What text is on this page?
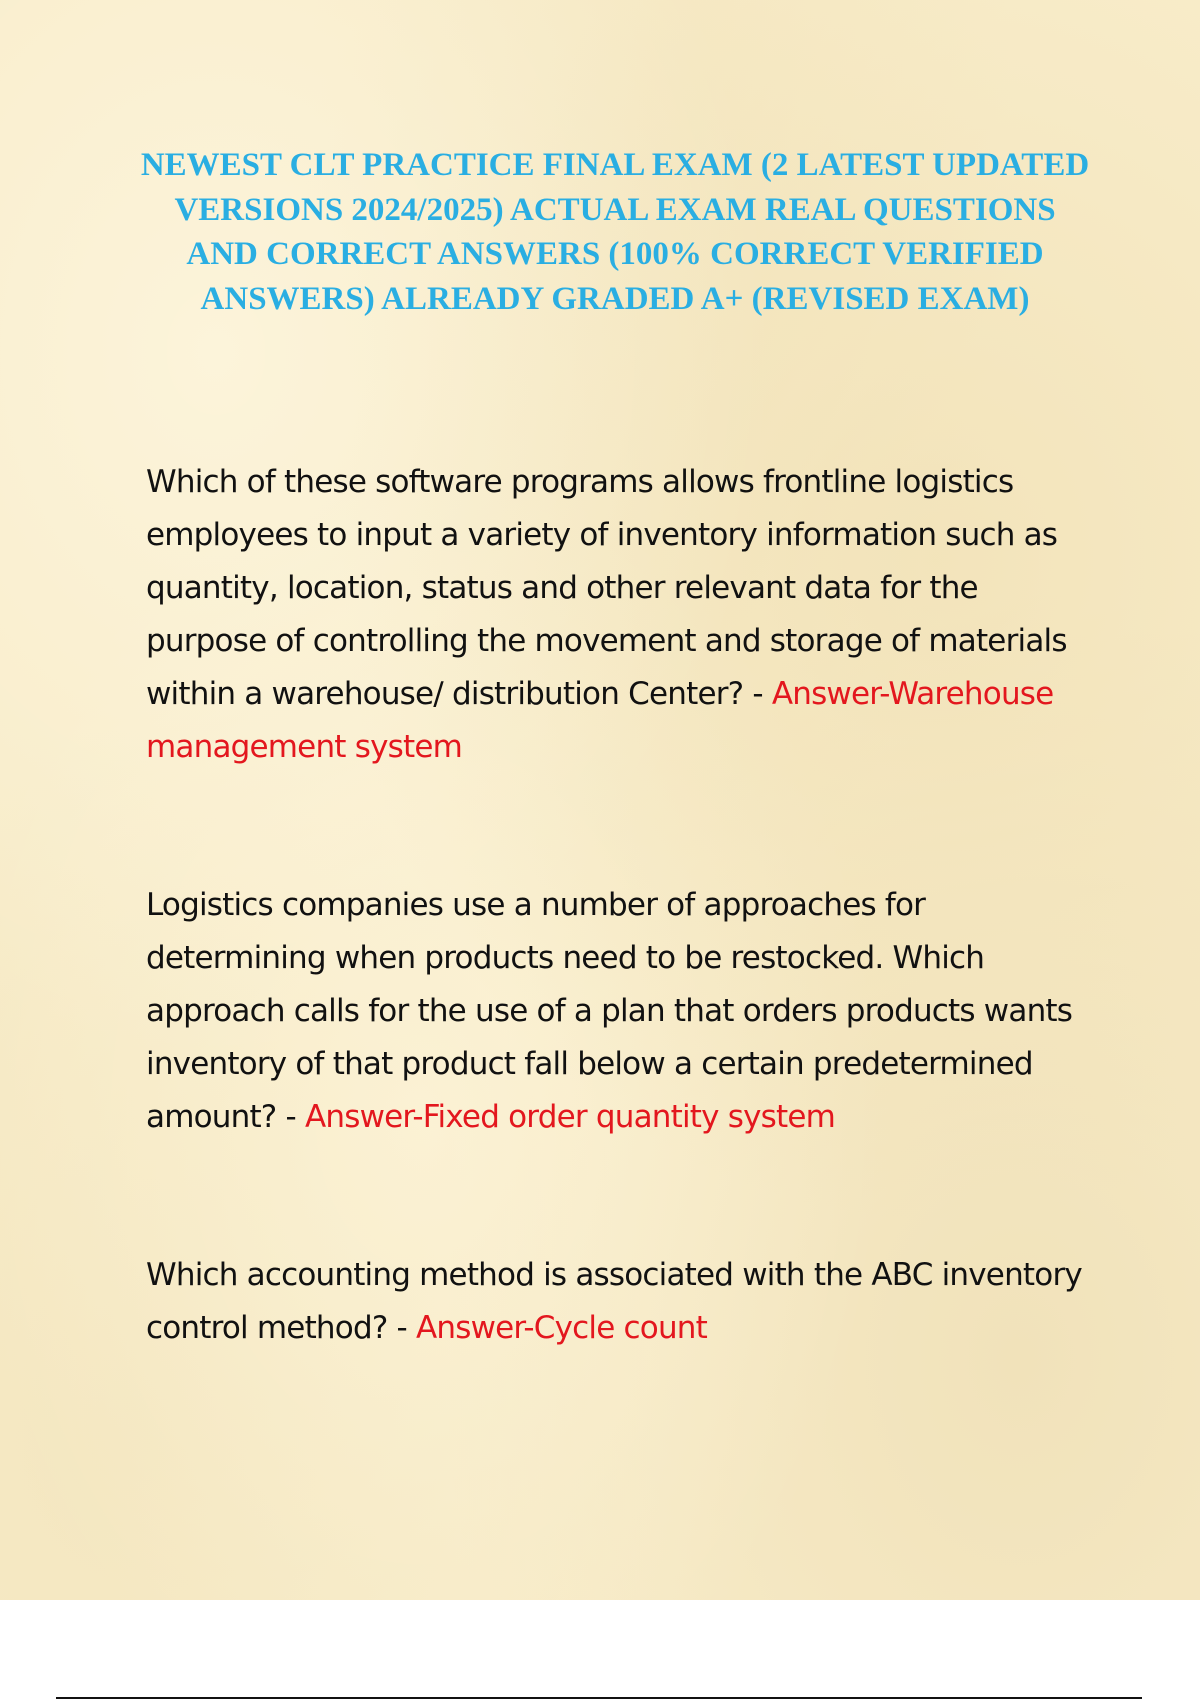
NEWEST CLT PRACTICE FINAL EXAM (2 LATEST UPDATED VERSIONS 2024/2025) ACTUAL EXAM REAL QUESTIONS AND CORRECT ANSWERS (100% CORRECT VERIFIED ANSWERS) ALREADY GRADED A+ (REVISED EXAM)

Which of these software programs allows frontline logistics employees to input a variety of inventory information such as quantity, location, status and other relevant data for the purpose of controlling the movement and storage of materials within a warehouse/ distribution Center? - Answer-Warehouse management system

Logistics companies use a number of approaches for determining when products need to be restocked. Which approach calls for the use of a plan that orders products wants inventory of that product fall below a certain predetermined amount? - Answer-Fixed order quantity system

Which accounting method is associated with the ABC inventory control method? - Answer-Cycle count
